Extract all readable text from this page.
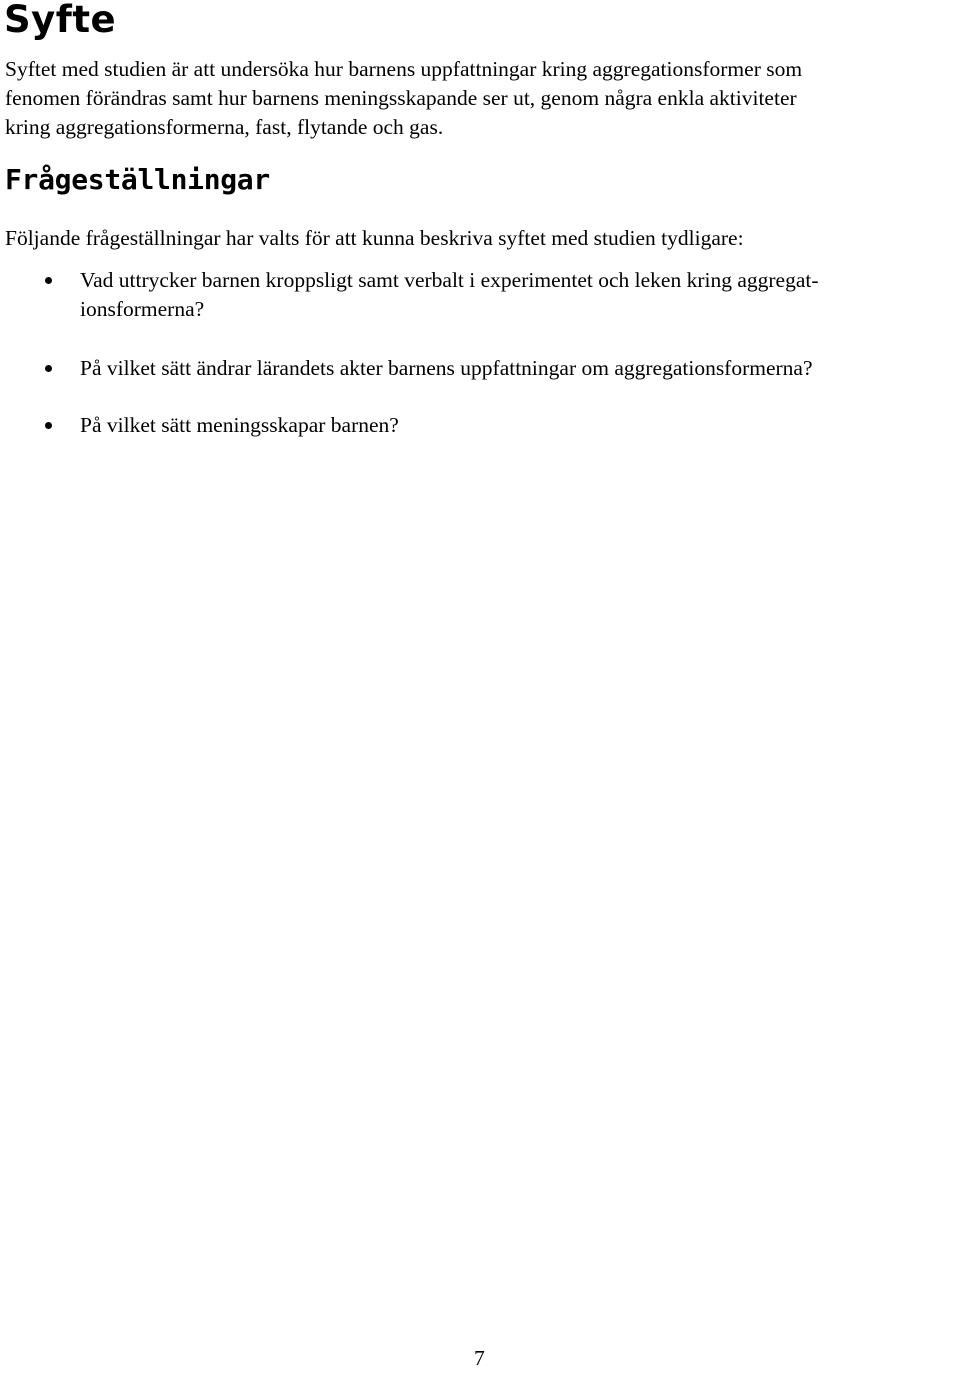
Syfte

Syftet med studien är att undersöka hur barnens uppfattningar kring aggregationsformer som
fenomen förändras samt hur barnens meningsskapande ser ut, genom några enkla aktiviteter
kring aggregationsformerna, fast, flytande och gas.

Frågeställningar

Följande frågeställningar har valts för att kunna beskriva syftet med studien tydligare:

Vad uttrycker barnen kroppsligt samt verbalt i experimentet och leken kring aggregat-
ionsformerna?
På vilket sätt ändrar lärandets akter barnens uppfattningar om aggregationsformerna?
På vilket sätt meningsskapar barnen?

7
